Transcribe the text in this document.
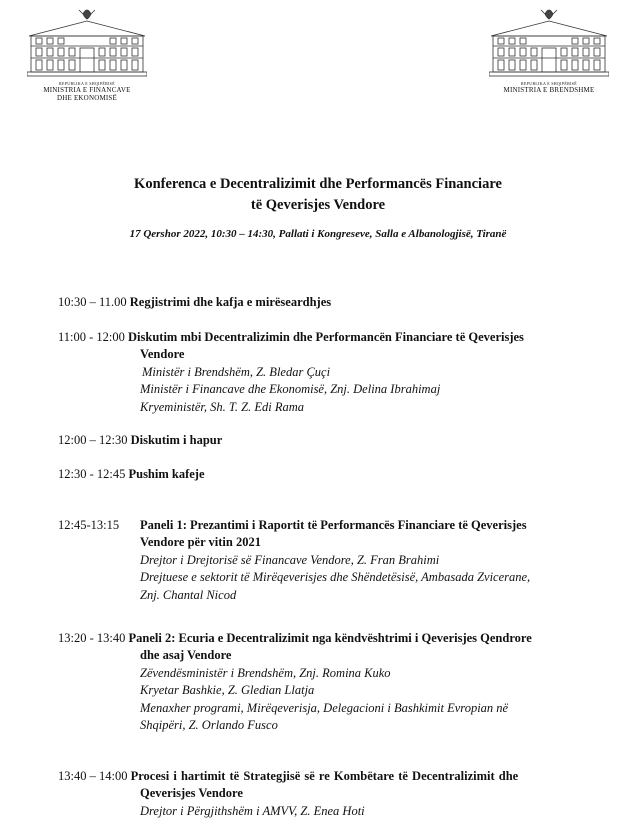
REPUBLIKA E SHQIPËRISË
MINISTRIA E FINANCAVE
DHE EKONOMISË
REPUBLIKA E SHQIPËRISË
MINISTRIA E BRENDSHME
Konferenca e Decentralizimit dhe Performancës Financiare
të Qeverisjes Vendore
17 Qershor 2022, 10:30 – 14:30, Pallati i Kongreseve, Salla e Albanologjisë, Tiranë
10:30 – 11.00 Regjistrimi dhe kafja e mirëseardhjes
11:00 - 12:00 Diskutim mbi Decentralizimin dhe Performancën Financiare të Qeverisjes
Vendore
Ministër i Brendshëm, Z. Bledar Çuçi
Ministër i Financave dhe Ekonomisë, Znj. Delina Ibrahimaj
Kryeministër, Sh. T. Z. Edi Rama
12:00 – 12:30 Diskutim i hapur
12:30 - 12:45 Pushim kafeje
12:45-13:15 Paneli 1: Prezantimi i Raportit të Performancës Financiare të Qeverisjes
Vendore për vitin 2021
Drejtor i Drejtorisë së Financave Vendore, Z. Fran Brahimi
Drejtuese e sektorit të Mirëqeverisjes dhe Shëndetësisë, Ambasada Zvicerane,
Znj. Chantal Nicod
13:20 - 13:40 Paneli 2: Ecuria e Decentralizimit nga këndvështrimi i Qeverisjes Qendrore
dhe asaj Vendore
Zëvendësministër i Brendshëm, Znj. Romina Kuko
Kryetar Bashkie, Z. Gledian Llatja
Menaxher programi, Mirëqeverisja, Delegacioni i Bashkimit Evropian në
Shqipëri, Z. Orlando Fusco
13:40 – 14:00 Procesi i hartimit të Strategjisë së re Kombëtare të Decentralizimit dhe
Qeverisjes Vendore
Drejtor i Përgjithshëm i AMVV, Z. Enea Hoti
